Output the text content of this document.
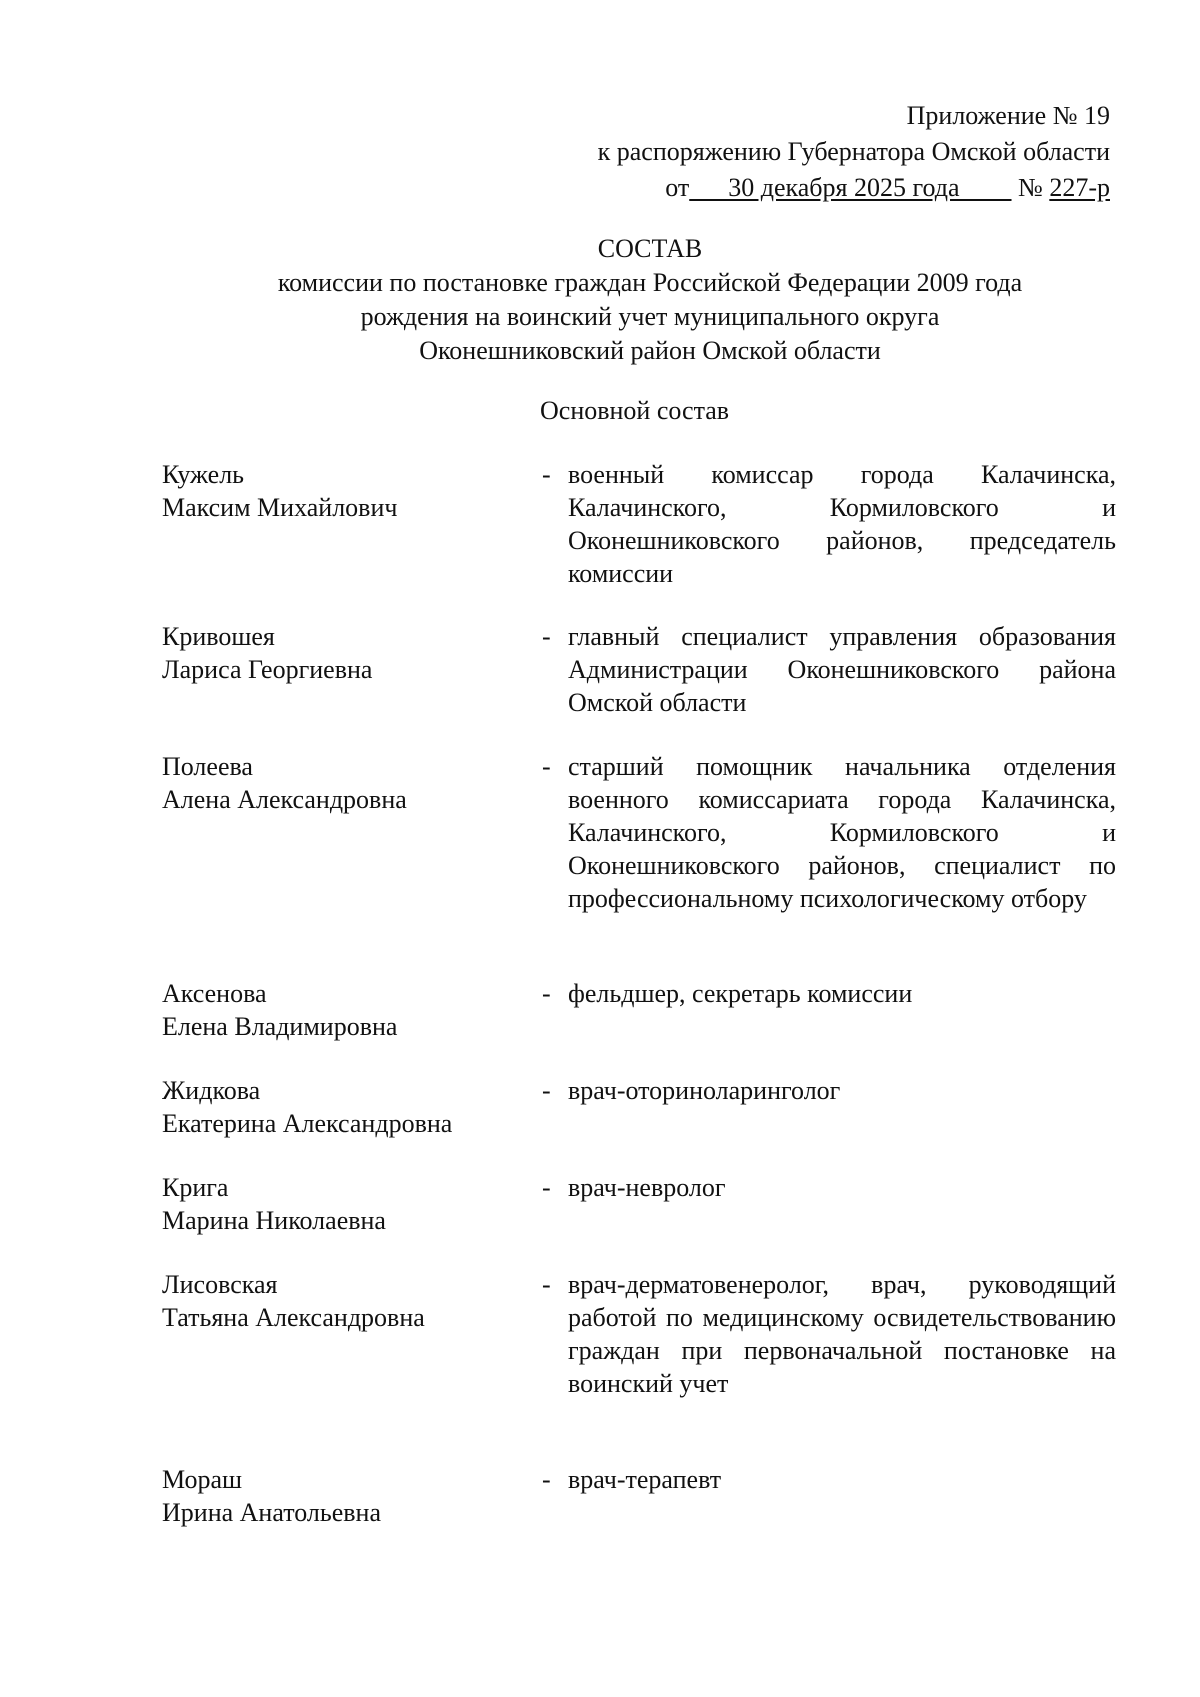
Приложение № 19
к распоряжению Губернатора Омской области
от      30 декабря 2025 года         № 227-р
СОСТАВ
комиссии по постановке граждан Российской Федерации 2009 года
рождения на воинский учет муниципального округа
Оконешниковский район Омской области
Основной состав
Кужель
Максим Михайлович
- военный комиссар города Калачинска, Калачинского, Кормиловского и Оконешниковского районов, председатель комиссии
Кривошея
Лариса Георгиевна
- главный специалист управления образования Администрации Оконешниковского района Омской области
Полеева
Алена Александровна
- старший помощник начальника отделения военного комиссариата города Калачинска, Калачинского, Кормиловского и Оконешниковского районов, специалист по профессиональному психологическому отбору
Аксенова
Елена Владимировна
- фельдшер, секретарь комиссии
Жидкова
Екатерина Александровна
- врач-оториноларинголог
Крига
Марина Николаевна
- врач-невролог
Лисовская
Татьяна Александровна
- врач-дерматовенеролог, врач, руководящий работой по медицинскому освидетельствованию граждан при первоначальной постановке на воинский учет
Мораш
Ирина Анатольевна
- врач-терапевт
